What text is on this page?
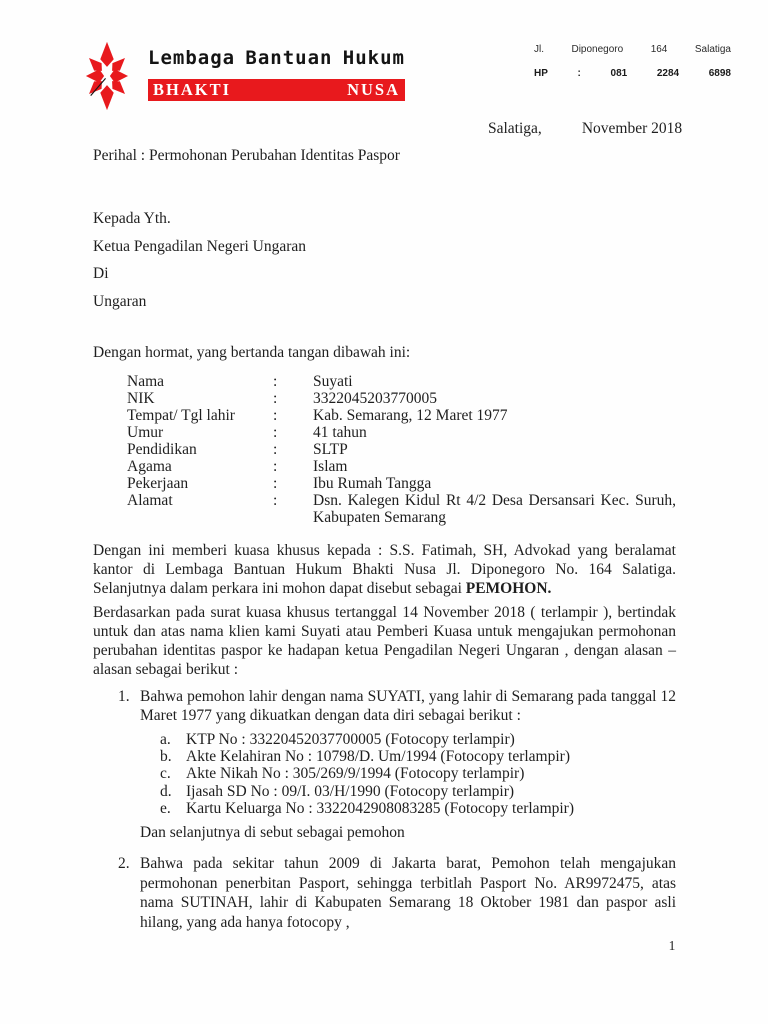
Lembaga Bantuan Hukum
BHAKTI	NUSA
Jl.	Diponegoro	164	Salatiga
HP	:	081	2284	6898
Salatiga,	November 2018
Perihal : Permohonan Perubahan Identitas Paspor
Kepada Yth.
Ketua Pengadilan Negeri Ungaran
Di
Ungaran
Dengan hormat, yang bertanda tangan dibawah ini:
Nama	:	Suyati
NIK	:	3322045203770005
Tempat/ Tgl lahir	:	Kab. Semarang, 12 Maret 1977
Umur	:	41 tahun
Pendidikan	:	SLTP
Agama	:	Islam
Pekerjaan	:	Ibu Rumah Tangga
Alamat	:	Dsn. Kalegen Kidul Rt 4/2 Desa Dersansari Kec. Suruh, Kabupaten Semarang
Dengan ini memberi kuasa khusus kepada : S.S. Fatimah, SH, Advokad yang beralamat kantor di Lembaga Bantuan Hukum Bhakti Nusa Jl. Diponegoro No. 164 Salatiga. Selanjutnya dalam perkara ini mohon dapat disebut sebagai PEMOHON.
Berdasarkan pada surat kuasa khusus tertanggal 14 November 2018 ( terlampir ), bertindak untuk dan atas nama klien kami Suyati atau Pemberi Kuasa untuk mengajukan permohonan perubahan identitas paspor ke hadapan ketua Pengadilan Negeri Ungaran , dengan alasan – alasan sebagai berikut :
1. Bahwa pemohon lahir dengan nama SUYATI, yang lahir di Semarang pada tanggal 12 Maret 1977 yang dikuatkan dengan data diri sebagai berikut :
a. KTP No : 33220452037700005 (Fotocopy terlampir)
b. Akte Kelahiran No : 10798/D. Um/1994 (Fotocopy terlampir)
c. Akte Nikah No : 305/269/9/1994 (Fotocopy terlampir)
d. Ijasah SD No : 09/I. 03/H/1990 (Fotocopy terlampir)
e. Kartu Keluarga No : 3322042908083285 (Fotocopy terlampir)
Dan selanjutnya di sebut sebagai pemohon
2. Bahwa pada sekitar tahun 2009 di Jakarta barat, Pemohon telah mengajukan permohonan penerbitan Pasport, sehingga terbitlah Pasport No. AR9972475, atas nama SUTINAH, lahir di Kabupaten Semarang 18 Oktober 1981 dan paspor asli hilang, yang ada hanya fotocopy ,
1
